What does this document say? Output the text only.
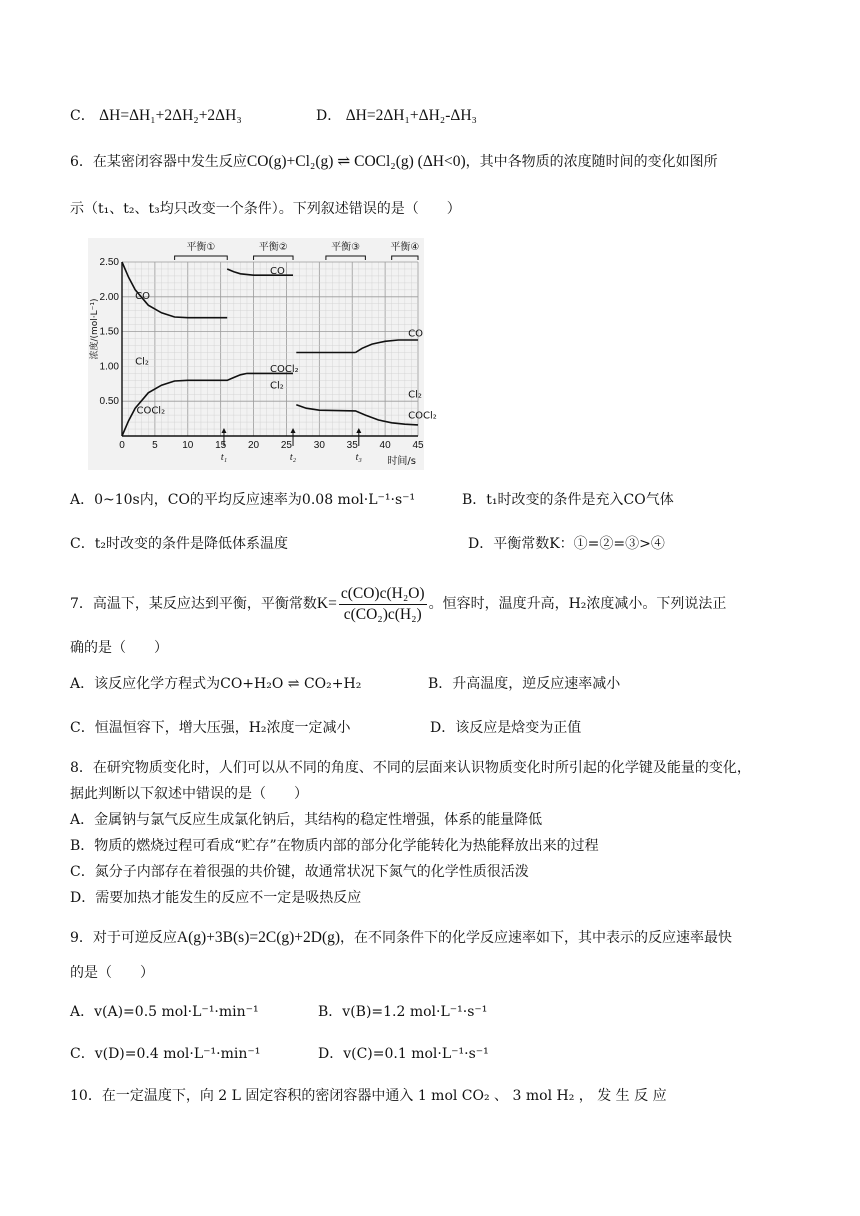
C． ΔH=ΔH₁+2ΔH₂+2ΔH₃	D． ΔH=2ΔH₁+ΔH₂-ΔH₃
6．在某密闭容器中发生反应CO(g)+Cl₂(g) ⇌ COCl₂(g) (ΔH<0)，其中各物质的浓度随时间的变化如图所
示（t₁、t₂、t₃均只改变一个条件）。下列叙述错误的是（　　）
0	5 10 15 20 25 30 35 40 45
0.50
1.00
1.50
2.00
2.50
时间/s
浓度/(mol·L⁻¹)
平衡①	平衡②	平衡③	平衡④
t₁	t₂	t₃
CO
CO
CO
Cl₂
Cl₂
Cl₂
COCl₂
COCl₂	COCl₂
A．0~10s内，CO的平均反应速率为0.08 mol·L⁻¹·s⁻¹	B．t₁时改变的条件是充入CO气体
C．t₂时改变的条件是降低体系温度	D．平衡常数K：①=②=③>④
7．高温下，某反应达到平衡，平衡常数$K= \frac{\text{c(CO)c(H₂O)}}{\text{c(CO₂)c(H₂)}}$ 。恒容时，温度升高，H₂浓度减小。下列说法正
确的是（　　）
A．该反应化学方程式为CO+H₂O ⇌ CO₂+H₂	B．升高温度，逆反应速率减小
C．恒温恒容下，增大压强，H₂浓度一定减小	D．该反应是焓变为正值
8．在研究物质变化时，人们可以从不同的角度、不同的层面来认识物质变化时所引起的化学键及能量的变化，
据此判断以下叙述中错误的是（　　）
A．金属钠与氯气反应生成氯化钠后，其结构的稳定性增强，体系的能量降低
B．物质的燃烧过程可看成“贮存”在物质内部的部分化学能转化为热能释放出来的过程
C．氮分子内部存在着很强的共价键，故通常状况下氮气的化学性质很活泼
D．需要加热才能发生的反应不一定是吸热反应
9．对于可逆反应A(g)+3B(s)=2C(g)+2D(g)，在不同条件下的化学反应速率如下，其中表示的反应速率最快
的是（　　）
A．v(A)=0.5 mol·L⁻¹·min⁻¹	B．v(B)=1.2 mol·L⁻¹·s⁻¹
C．v(D)=0.4 mol·L⁻¹·min⁻¹	D．v(C)=0.1 mol·L⁻¹·s⁻¹
10．在一定温度下，向 2 L 固定容积的密闭容器中通入 1 mol CO₂ 、 3 mol H₂ ， 发 生 反 应
